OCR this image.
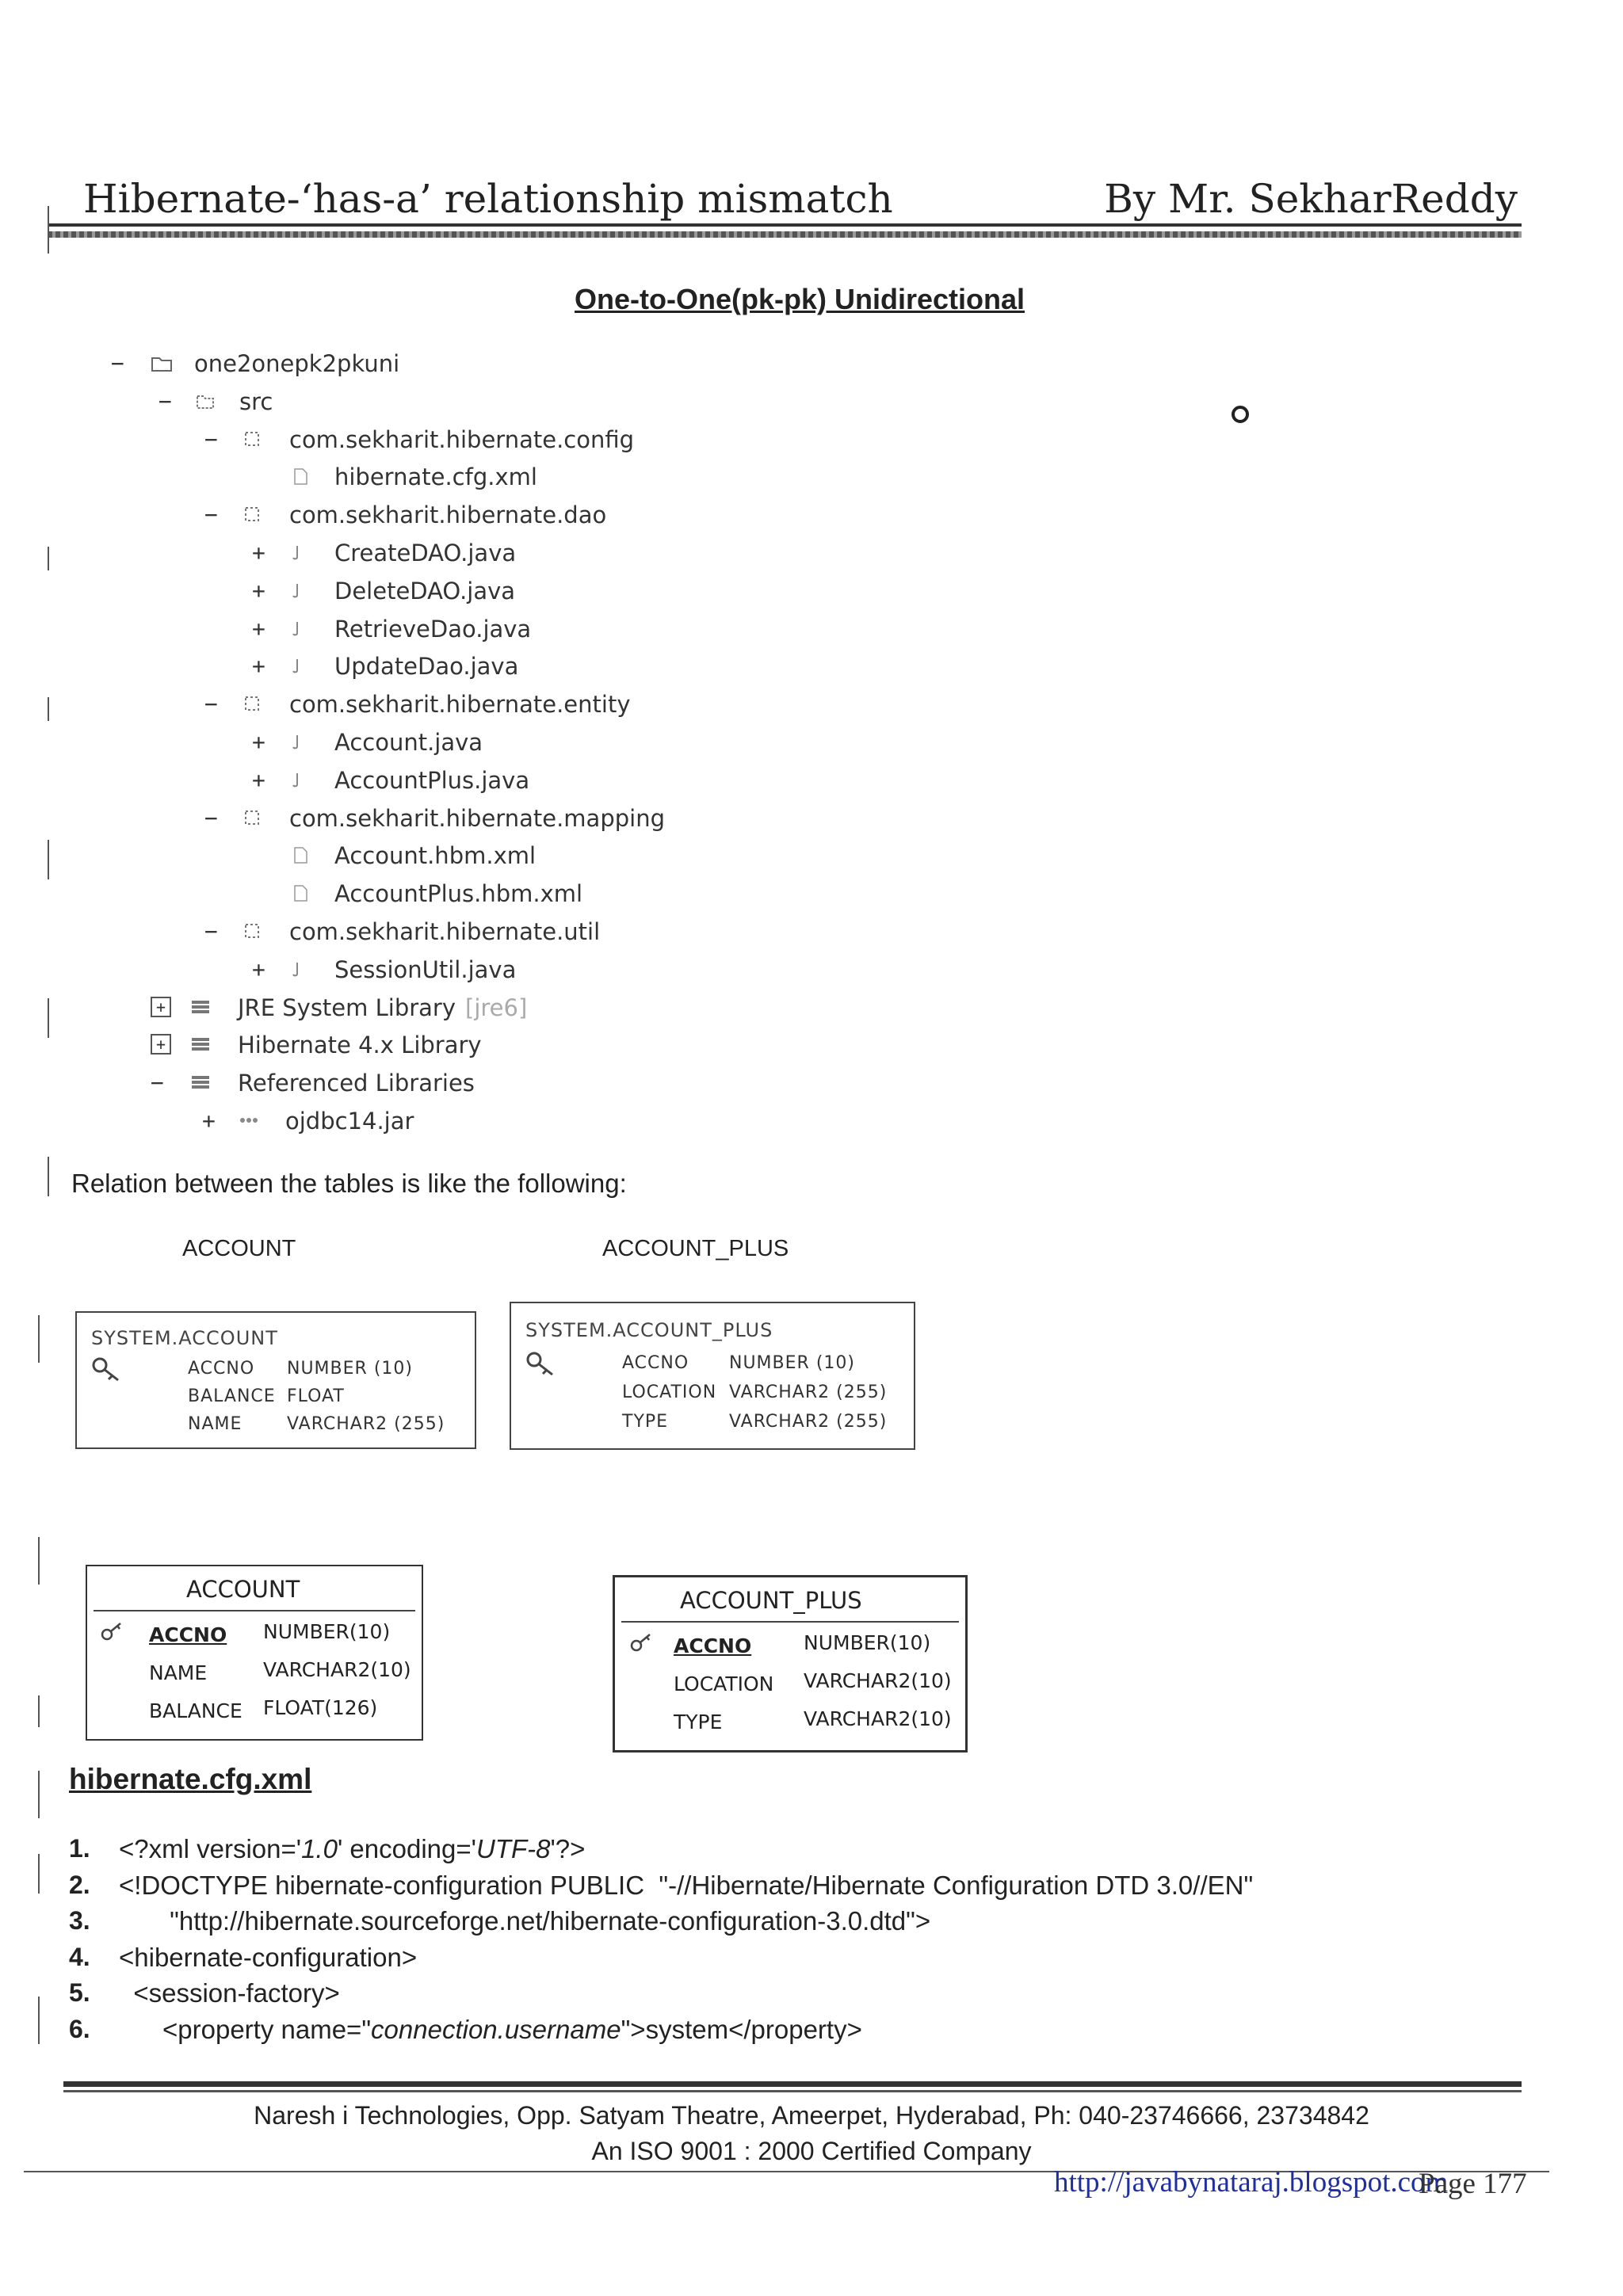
Hibernate-‘has-a’ relationship mismatch	By Mr. SekharReddy
One-to-One(pk-pk) Unidirectional
−	one2onepk2pkuni
−	src
−	com.sekharit.hibernate.config
hibernate.cfg.xml
−	com.sekharit.hibernate.dao
+	CreateDAO.java
+	DeleteDAO.java
+	RetrieveDao.java
+	UpdateDao.java
−	com.sekharit.hibernate.entity
+	Account.java
+	AccountPlus.java
−	com.sekharit.hibernate.mapping
Account.hbm.xml
AccountPlus.hbm.xml
−	com.sekharit.hibernate.util
+	SessionUtil.java
+	JRE System Library [jre6]
+	Hibernate 4.x Library
−	Referenced Libraries
+	ojdbc14.jar
Relation between the tables is like the following:
ACCOUNT	ACCOUNT_PLUS
SYSTEM.ACCOUNT
ACCNO NUMBER (10)
BALANCE FLOAT
NAME	VARCHAR2 (255)
SYSTEM.ACCOUNT_PLUS
ACCNO NUMBER (10)
LOCATION VARCHAR2 (255)
TYPE	VARCHAR2 (255)
ACCOUNT
ACCNO NUMBER(10)
NAME	VARCHAR2(10)
BALANCE FLOAT(126)
ACCOUNT_PLUS
ACCNO	NUMBER(10)
LOCATION VARCHAR2(10)
TYPE	VARCHAR2(10)
hibernate.cfg.xml
1. <?xml version='1.0' encoding='UTF-8'?>
2. <!DOCTYPE hibernate-configuration PUBLIC  "-//Hibernate/Hibernate Configuration DTD 3.0//EN"
3. "http://hibernate.sourceforge.net/hibernate-configuration-3.0.dtd">
4. <hibernate-configuration>
5. <session-factory>
6. <property name="connection.username">system</property>
Naresh i Technologies, Opp. Satyam Theatre, Ameerpet, Hyderabad, Ph: 040-23746666, 23734842
An ISO 9001 : 2000 Certified Company
http://javabynataraj.blogspot.com
Page 177
